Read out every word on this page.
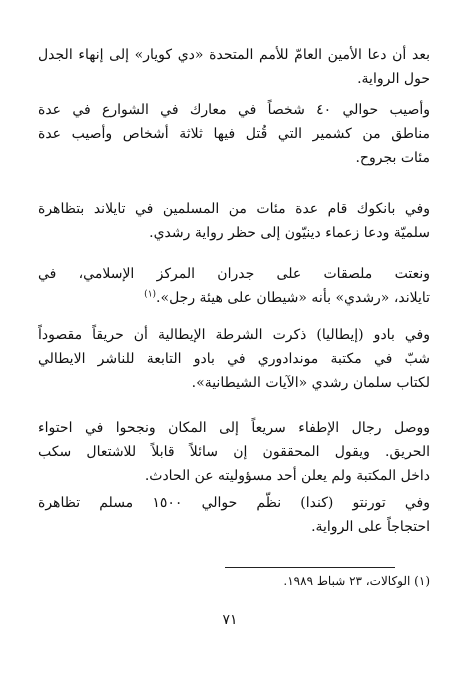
بعد أن دعا الأمين العامّ للأمم المتحدة «دي كويار» إلى إنهاء الجدل
حول الرواية.
وأصيب حوالي ٤٠ شخصاً في معارك في الشوارع في عدة
مناطق من كشمير التي قُتل فيها ثلاثة أشخاص وأصيب عدة
مئات بجروح.
وفي بانكوك قام عدة مئات من المسلمين في تايلاند بتظاهرة
سلميّة ودعا زعماء دينيّون إلى حظر رواية رشدي.
ونعتت ملصقات على جدران المركز الإسلامي، في
تايلاند، «رشدي» بأنه «شيطان على هيئة رجل».$^{(١)}$
وفي بادو (إيطاليا) ذكرت الشرطة الإيطالية أن حريقاً مقصوداً
شبّ في مكتبة موندادوري في بادو التابعة للناشر الايطالي
لكتاب سلمان رشدي «الآيات الشيطانية».
ووصل رجال الإطفاء سريعاً إلى المكان ونجحوا في احتواء
الحريق. ويقول المحققون إن سائلاً قابلاً للاشتعال سكب
داخل المكتبة ولم يعلن أحد مسؤوليته عن الحادث.
وفي تورنتو (كندا) نظّم حوالي ١٥٠٠ مسلم تظاهرة
احتجاجاً على الرواية.
(١) الوكالات، ٢٣ شباط ١٩٨٩.
٧١
